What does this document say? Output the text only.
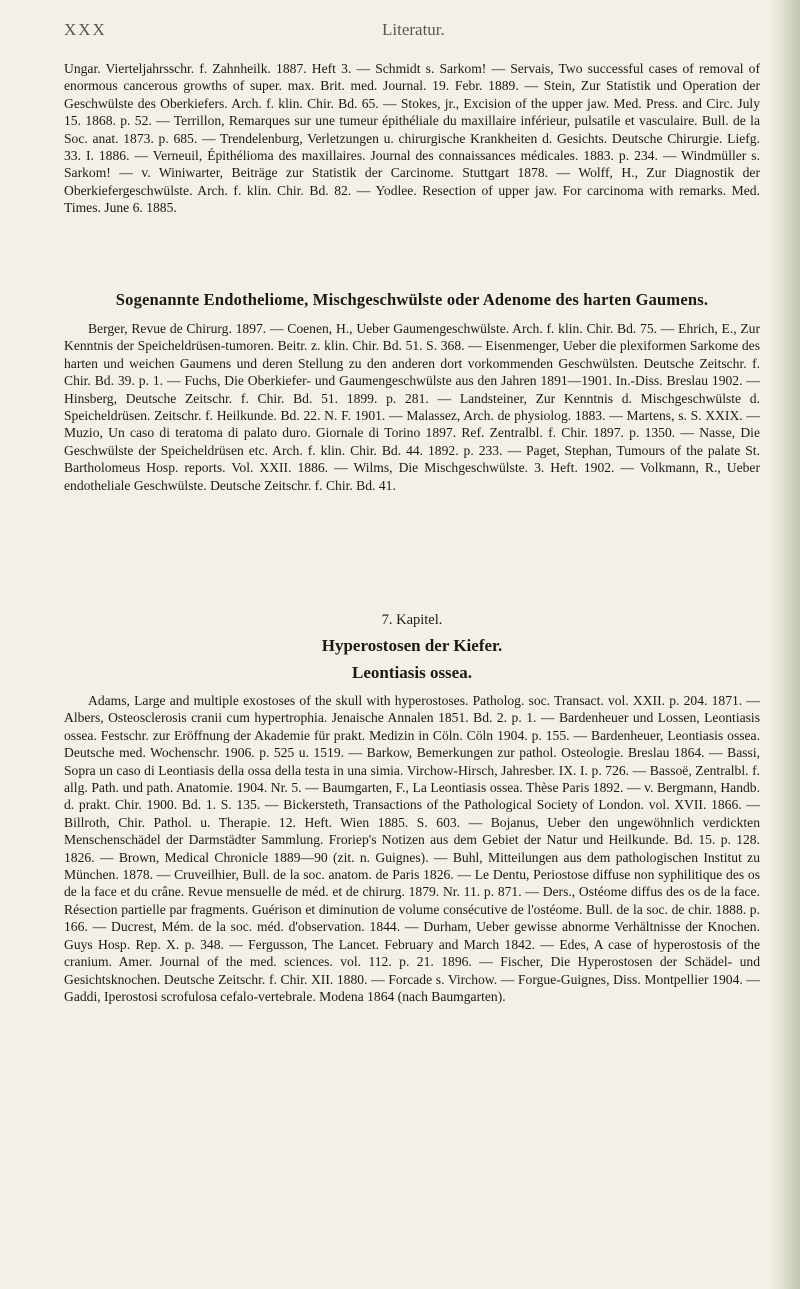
XXX	Literatur.

Ungar. Vierteljahrsschr. f. Zahnheilk. 1887. Heft 3. — Schmidt s. Sarkom! — Servais, Two successful cases of removal of enormous cancerous growths of super. max. Brit. med. Journal. 19. Febr. 1889. — Stein, Zur Statistik und Operation der Geschwülste des Oberkiefers. Arch. f. klin. Chir. Bd. 65. — Stokes, jr., Excision of the upper jaw. Med. Press. and Circ. July 15. 1868. p. 52. — Terrillon, Remarques sur une tumeur épithéliale du maxillaire inférieur, pulsatile et vasculaire. Bull. de la Soc. anat. 1873. p. 685. — Trendelenburg, Verletzungen u. chirurgische Krankheiten d. Gesichts. Deutsche Chirurgie. Liefg. 33. I. 1886. — Verneuil, Épithélioma des maxillaires. Journal des connaissances médicales. 1883. p. 234. — Windmüller s. Sarkom! — v. Winiwarter, Beiträge zur Statistik der Carcinome. Stuttgart 1878. — Wolff, H., Zur Diagnostik der Oberkiefergeschwülste. Arch. f. klin. Chir. Bd. 82. — Yodlee. Resection of upper jaw. For carcinoma with remarks. Med. Times. June 6. 1885.

Sogenannte Endotheliome, Mischgeschwülste oder Adenome des harten Gaumens.

Berger, Revue de Chirurg. 1897. — Coenen, H., Ueber Gaumengeschwülste. Arch. f. klin. Chir. Bd. 75. — Ehrich, E., Zur Kenntnis der Speicheldrüsen-tumoren. Beitr. z. klin. Chir. Bd. 51. S. 368. — Eisenmenger, Ueber die plexiformen Sarkome des harten und weichen Gaumens und deren Stellung zu den anderen dort vorkommenden Geschwülsten. Deutsche Zeitschr. f. Chir. Bd. 39. p. 1. — Fuchs, Die Oberkiefer- und Gaumengeschwülste aus den Jahren 1891—1901. In.-Diss. Breslau 1902. — Hinsberg, Deutsche Zeitschr. f. Chir. Bd. 51. 1899. p. 281. — Landsteiner, Zur Kenntnis d. Mischgeschwülste d. Speicheldrüsen. Zeitschr. f. Heilkunde. Bd. 22. N. F. 1901. — Malassez, Arch. de physiolog. 1883. — Martens, s. S. XXIX. — Muzio, Un caso di teratoma di palato duro. Giornale di Torino 1897. Ref. Zentralbl. f. Chir. 1897. p. 1350. — Nasse, Die Geschwülste der Speicheldrüsen etc. Arch. f. klin. Chir. Bd. 44. 1892. p. 233. — Paget, Stephan, Tumours of the palate St. Bartholomeus Hosp. reports. Vol. XXII. 1886. — Wilms, Die Mischgeschwülste. 3. Heft. 1902. — Volkmann, R., Ueber endotheliale Geschwülste. Deutsche Zeitschr. f. Chir. Bd. 41.

7. Kapitel.
Hyperostosen der Kiefer.
Leontiasis ossea.

Adams, Large and multiple exostoses of the skull with hyperostoses. Patholog. soc. Transact. vol. XXII. p. 204. 1871. — Albers, Osteosclerosis cranii cum hypertrophia. Jenaische Annalen 1851. Bd. 2. p. 1. — Bardenheuer und Lossen, Leontiasis ossea. Festschr. zur Eröffnung der Akademie für prakt. Medizin in Cöln. Cöln 1904. p. 155. — Bardenheuer, Leontiasis ossea. Deutsche med. Wochenschr. 1906. p. 525 u. 1519. — Barkow, Bemerkungen zur pathol. Osteologie. Breslau 1864. — Bassi, Sopra un caso di Leontiasis della ossa della testa in una simia. Virchow-Hirsch, Jahresber. IX. I. p. 726. — Bassoë, Zentralbl. f. allg. Path. und path. Anatomie. 1904. Nr. 5. — Baumgarten, F., La Leontiasis ossea. Thèse Paris 1892. — v. Bergmann, Handb. d. prakt. Chir. 1900. Bd. 1. S. 135. — Bickersteth, Transactions of the Pathological Society of London. vol. XVII. 1866. — Billroth, Chir. Pathol. u. Therapie. 12. Heft. Wien 1885. S. 603. — Bojanus, Ueber den ungewöhnlich verdickten Menschenschädel der Darmstädter Sammlung. Froriep's Notizen aus dem Gebiet der Natur und Heilkunde. Bd. 15. p. 128. 1826. — Brown, Medical Chronicle 1889—90 (zit. n. Guignes). — Buhl, Mitteilungen aus dem pathologischen Institut zu München. 1878. — Cruveilhier, Bull. de la soc. anatom. de Paris 1826. — Le Dentu, Periostose diffuse non syphilitique des os de la face et du crâne. Revue mensuelle de méd. et de chirurg. 1879. Nr. 11. p. 871. — Ders., Ostéome diffus des os de la face. Résection partielle par fragments. Guérison et diminution de volume consécutive de l'ostéome. Bull. de la soc. de chir. 1888. p. 166. — Ducrest, Mém. de la soc. méd. d'observation. 1844. — Durham, Ueber gewisse abnorme Verhältnisse der Knochen. Guys Hosp. Rep. X. p. 348. — Fergusson, The Lancet. February and March 1842. — Edes, A case of hyperostosis of the cranium. Amer. Journal of the med. sciences. vol. 112. p. 21. 1896. — Fischer, Die Hyperostosen der Schädel- und Gesichtsknochen. Deutsche Zeitschr. f. Chir. XII. 1880. — Forcade s. Virchow. — Forgue-Guignes, Diss. Montpellier 1904. — Gaddi, Iperostosi scrofulosa cefalo-vertebrale. Modena 1864 (nach Baumgarten).
